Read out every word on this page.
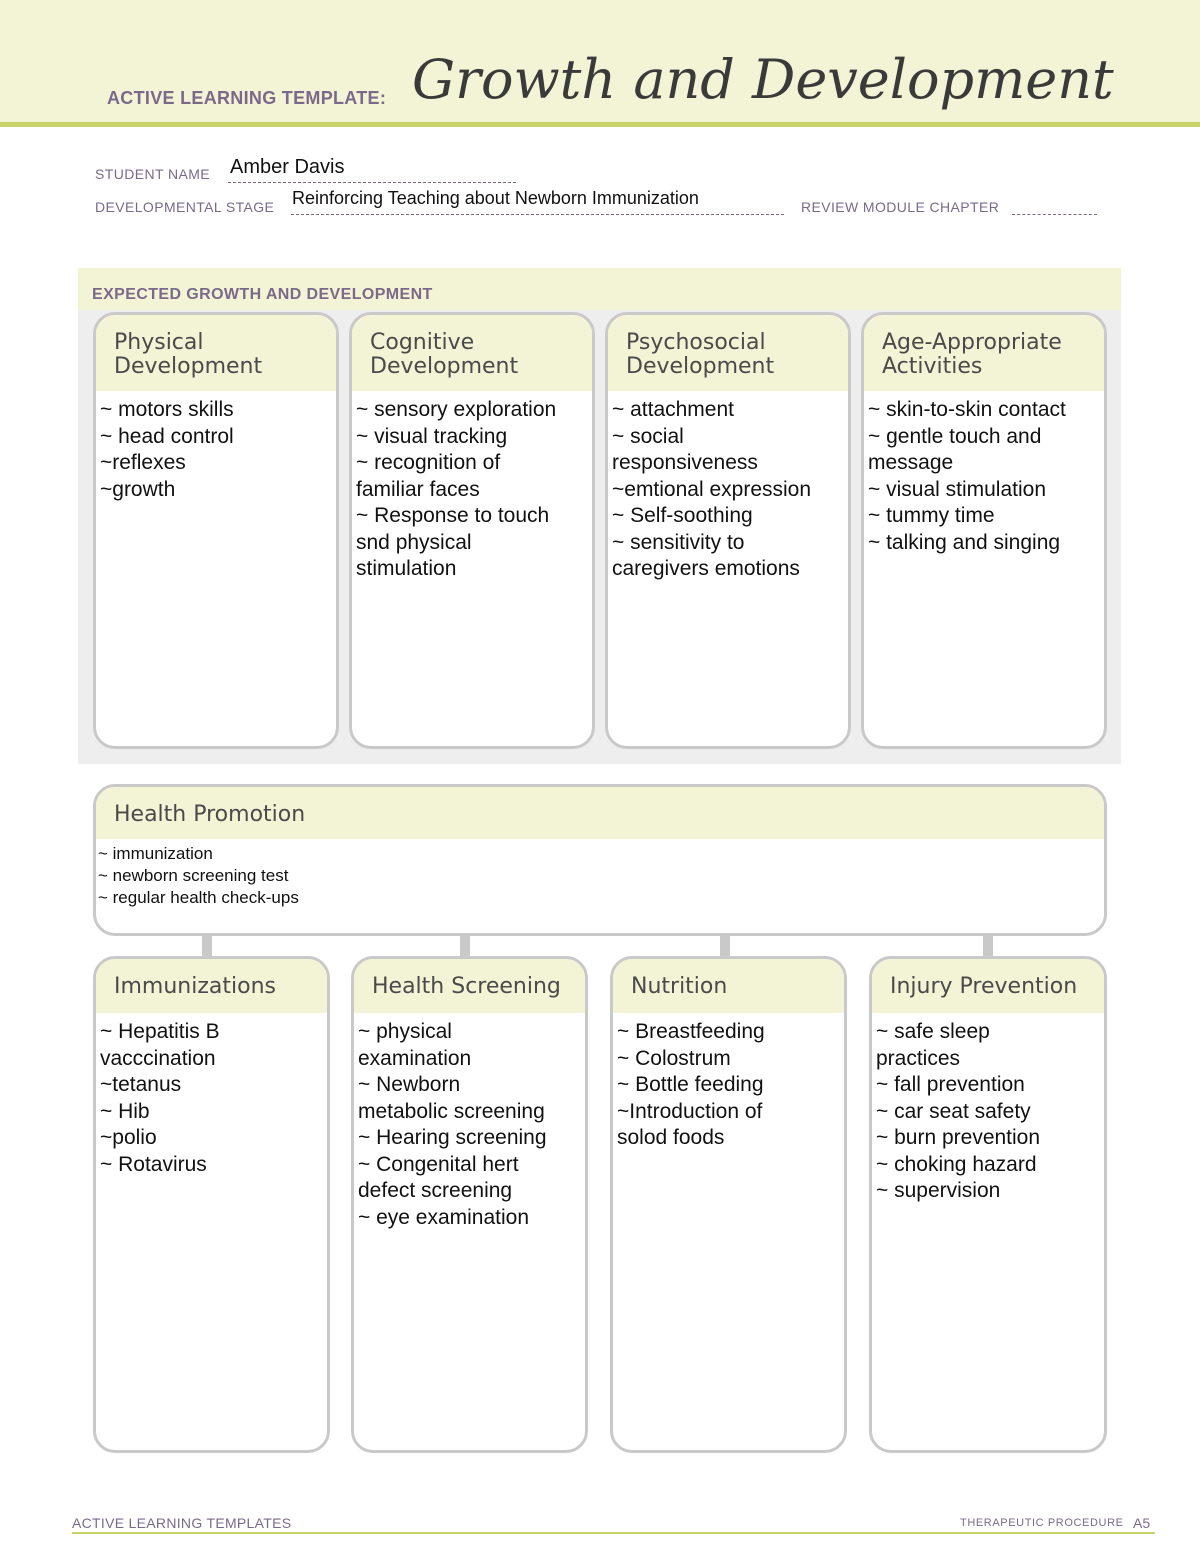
ACTIVE LEARNING TEMPLATE: Growth and Development
STUDENT NAME Amber Davis
DEVELOPMENTAL STAGE Reinforcing Teaching about Newborn Immunization	REVIEW MODULE CHAPTER
EXPECTED GROWTH AND DEVELOPMENT
Physical
Development
~ motors skills
~ head control
~reflexes
~growth
Cognitive
Development
~ sensory exploration
~ visual tracking
~ recognition of
familiar faces
~ Response to touch
snd physical
stimulation
Psychosocial
Development
~ attachment
~ social
responsiveness
~emtional expression
~ Self-soothing
~ sensitivity to
caregivers emotions
Age-Appropriate
Activities
~ skin-to-skin contact
~ gentle touch and
message
~ visual stimulation
~ tummy time
~ talking and singing
Health Promotion
~ immunization
~ newborn screening test
~ regular health check-ups
Immunizations
~ Hepatitis B
vacccination
~tetanus
~ Hib
~polio
~ Rotavirus
Health Screening
~ physical
examination
~ Newborn
metabolic screening
~ Hearing screening
~ Congenital hert
defect screening
~ eye examination
Nutrition
~ Breastfeeding
~ Colostrum
~ Bottle feeding
~Introduction of
solod foods
Injury Prevention
~ safe sleep
practices
~ fall prevention
~ car seat safety
~ burn prevention
~ choking hazard
~ supervision
ACTIVE LEARNING TEMPLATES	THERAPEUTIC PROCEDURE A5
